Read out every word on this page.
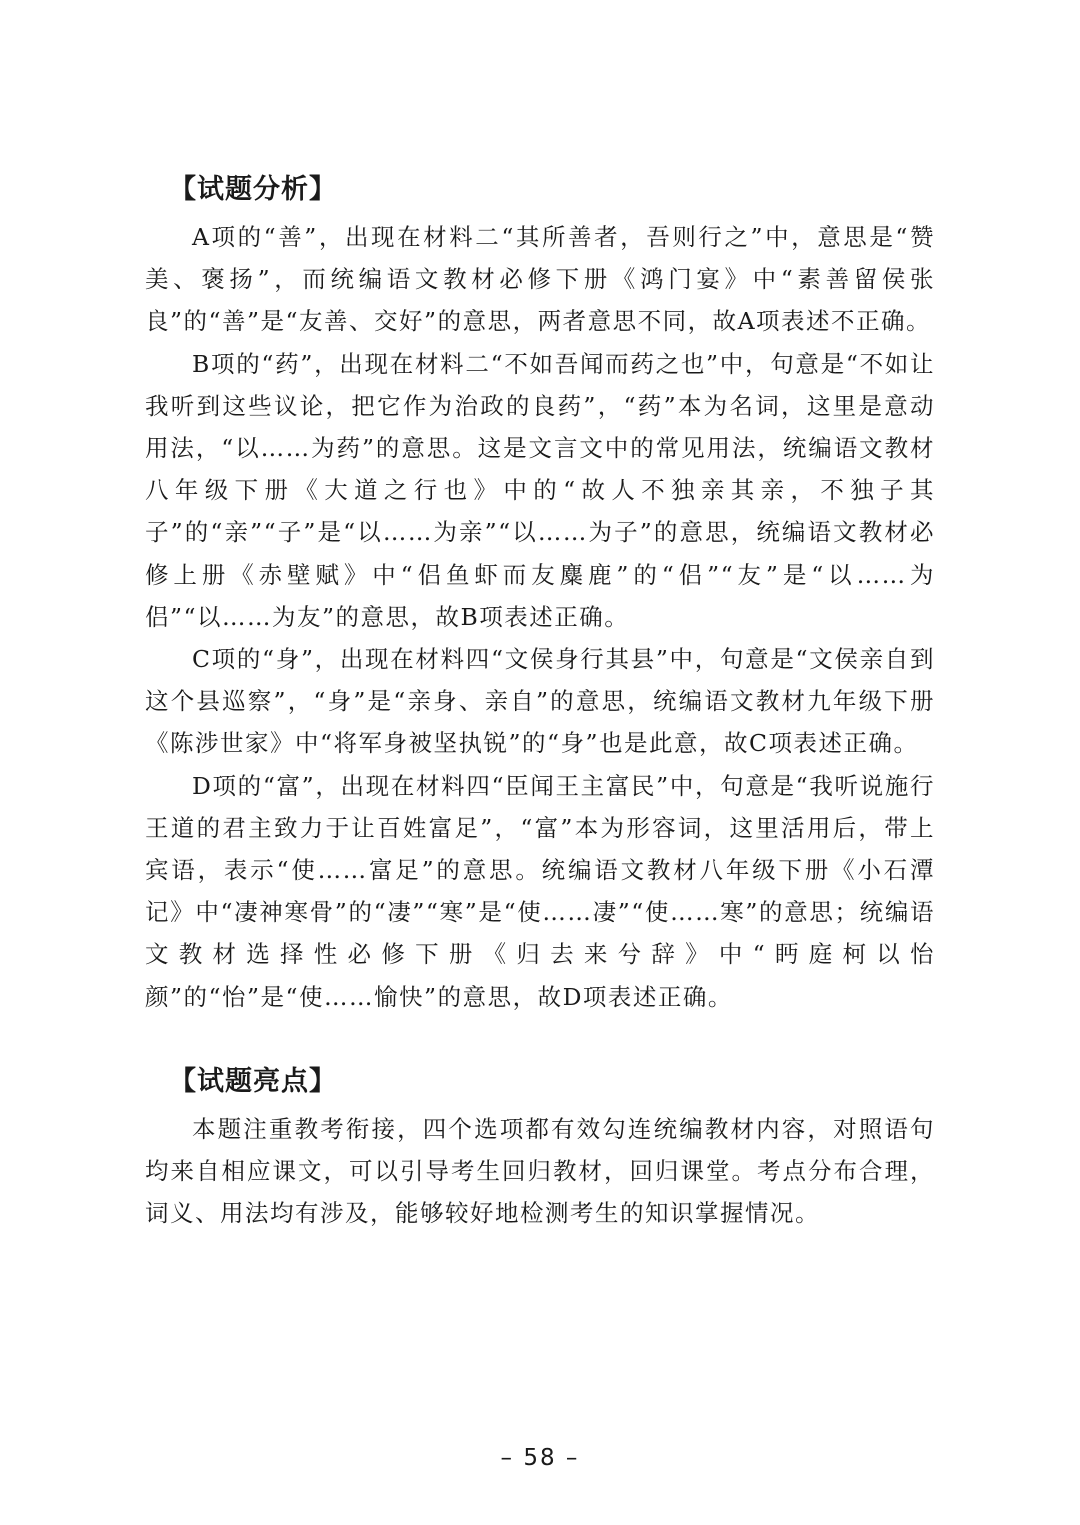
【试题分析】

A项的“善”，出现在材料二“其所善者，吾则行之”中，意思是“赞美、褒扬”，而统编语文教材必修下册《鸿门宴》中“素善留侯张良”的“善”是“友善、交好”的意思，两者意思不同，故A项表述不正确。

B项的“药”，出现在材料二“不如吾闻而药之也”中，句意是“不如让我听到这些议论，把它作为治政的良药”，“药”本为名词，这里是意动用法，“以……为药”的意思。这是文言文中的常见用法，统编语文教材八年级下册《大道之行也》中的“故人不独亲其亲，不独子其子”的“亲”“子”是“以……为亲”“以……为子”的意思，统编语文教材必修上册《赤壁赋》中“侣鱼虾而友麋鹿”的“侣”“友”是“以……为侣”“以……为友”的意思，故B项表述正确。

C项的“身”，出现在材料四“文侯身行其县”中，句意是“文侯亲自到这个县巡察”，“身”是“亲身、亲自”的意思，统编语文教材九年级下册《陈涉世家》中“将军身被坚执锐”的“身”也是此意，故C项表述正确。

D项的“富”，出现在材料四“臣闻王主富民”中，句意是“我听说施行王道的君主致力于让百姓富足”，“富”本为形容词，这里活用后，带上宾语，表示“使……富足”的意思。统编语文教材八年级下册《小石潭记》中“凄神寒骨”的“凄”“寒”是“使……凄”“使……寒”的意思；统编语文教材选择性必修下册《归去来兮辞》中“眄庭柯以怡颜”的“怡”是“使……愉快”的意思，故D项表述正确。

【试题亮点】

本题注重教考衔接，四个选项都有效勾连统编教材内容，对照语句均来自相应课文，可以引导考生回归教材，回归课堂。考点分布合理，词义、用法均有涉及，能够较好地检测考生的知识掌握情况。

– 58 –
